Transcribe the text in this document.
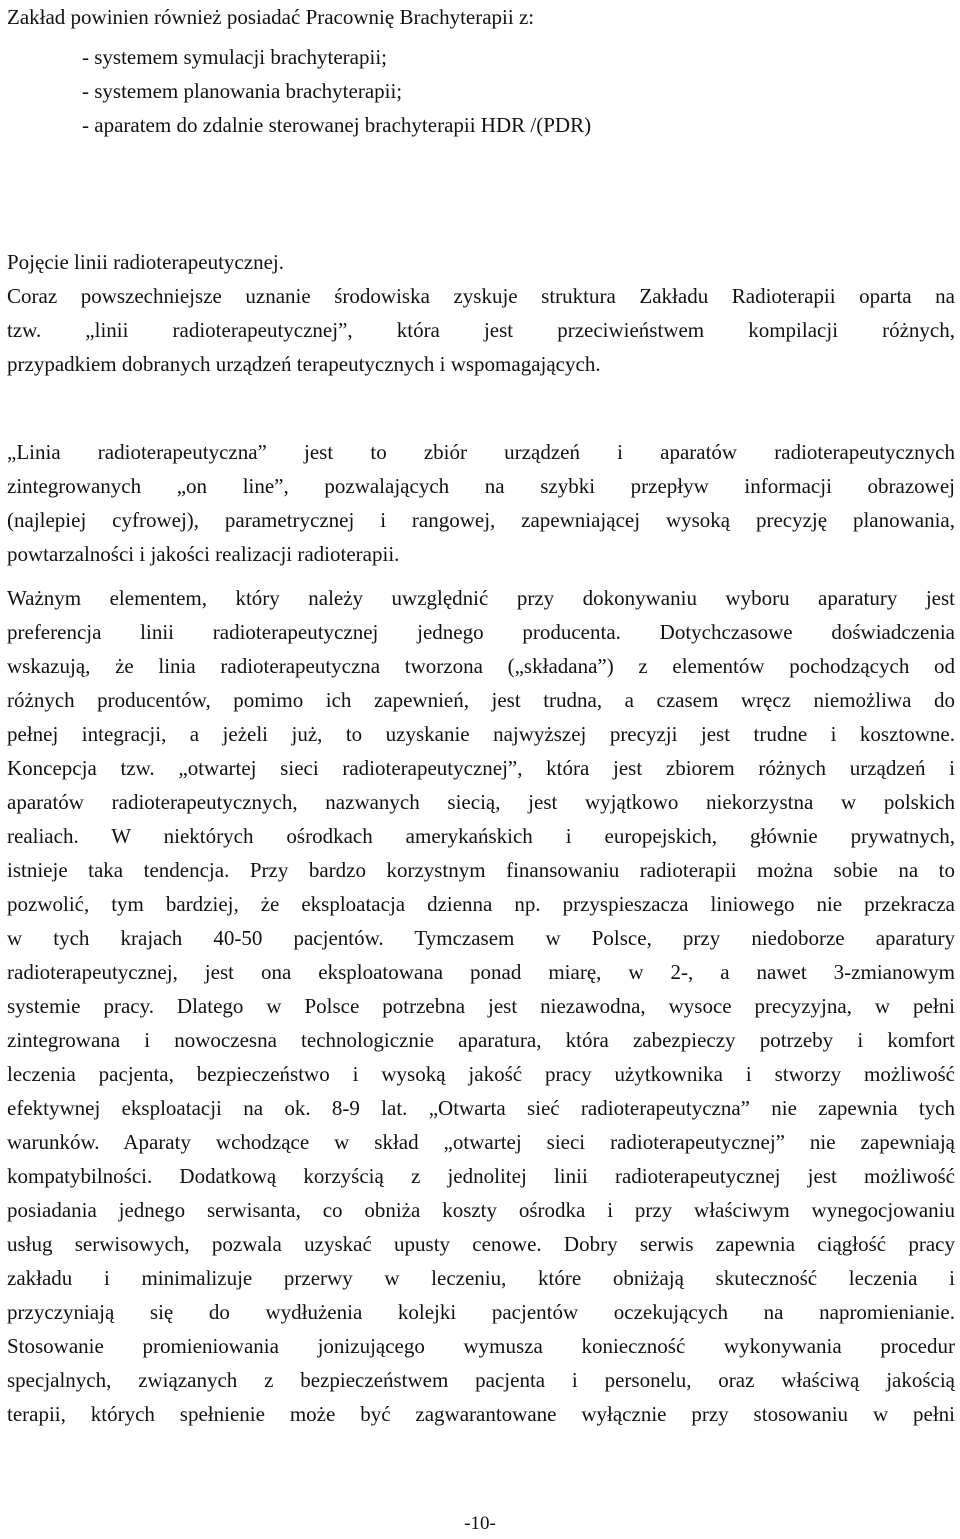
Zakład powinien również posiadać Pracownię Brachyterapii z:
- systemem symulacji brachyterapii;
- systemem planowania brachyterapii;
- aparatem do zdalnie sterowanej brachyterapii HDR /(PDR)
Pojęcie linii radioterapeutycznej.
Coraz powszechniejsze uznanie środowiska zyskuje struktura Zakładu Radioterapii oparta na
tzw. „linii radioterapeutycznej”, która jest przeciwieństwem kompilacji różnych,
przypadkiem dobranych urządzeń terapeutycznych i wspomagających.
„Linia radioterapeutyczna” jest to zbiór urządzeń i aparatów radioterapeutycznych
zintegrowanych „on line”, pozwalających na szybki przepływ informacji obrazowej
(najlepiej cyfrowej), parametrycznej i rangowej, zapewniającej wysoką precyzję planowania,
powtarzalności i jakości realizacji radioterapii.
Ważnym elementem, który należy uwzględnić przy dokonywaniu wyboru aparatury jest
preferencja linii radioterapeutycznej jednego producenta. Dotychczasowe doświadczenia
wskazują, że linia radioterapeutyczna tworzona („składana”) z elementów pochodzących od
różnych producentów, pomimo ich zapewnień, jest trudna, a czasem wręcz niemożliwa do
pełnej integracji, a jeżeli już, to uzyskanie najwyższej precyzji jest trudne i kosztowne.
Koncepcja tzw. „otwartej sieci radioterapeutycznej”, która jest zbiorem różnych urządzeń i
aparatów radioterapeutycznych, nazwanych siecią, jest wyjątkowo niekorzystna w polskich
realiach. W niektórych ośrodkach amerykańskich i europejskich, głównie prywatnych,
istnieje taka tendencja. Przy bardzo korzystnym finansowaniu radioterapii można sobie na to
pozwolić, tym bardziej, że eksploatacja dzienna np. przyspieszacza liniowego nie przekracza
w tych krajach 40-50 pacjentów. Tymczasem w Polsce, przy niedoborze aparatury
radioterapeutycznej, jest ona eksploatowana ponad miarę, w 2-, a nawet 3-zmianowym
systemie pracy. Dlatego w Polsce potrzebna jest niezawodna, wysoce precyzyjna, w pełni
zintegrowana i nowoczesna technologicznie aparatura, która zabezpieczy potrzeby i komfort
leczenia pacjenta, bezpieczeństwo i wysoką jakość pracy użytkownika i stworzy możliwość
efektywnej eksploatacji na ok. 8-9 lat. „Otwarta sieć radioterapeutyczna” nie zapewnia tych
warunków. Aparaty wchodzące w skład „otwartej sieci radioterapeutycznej” nie zapewniają
kompatybilności. Dodatkową korzyścią z jednolitej linii radioterapeutycznej jest możliwość
posiadania jednego serwisanta, co obniża koszty ośrodka i przy właściwym wynegocjowaniu
usług serwisowych, pozwala uzyskać upusty cenowe. Dobry serwis zapewnia ciągłość pracy
zakładu i minimalizuje przerwy w leczeniu, które obniżają skuteczność leczenia i
przyczyniają się do wydłużenia kolejki pacjentów oczekujących na napromienianie.
Stosowanie promieniowania jonizującego wymusza konieczność wykonywania procedur
specjalnych, związanych z bezpieczeństwem pacjenta i personelu, oraz właściwą jakością
terapii, których spełnienie może być zagwarantowane wyłącznie przy stosowaniu w pełni
-10-
